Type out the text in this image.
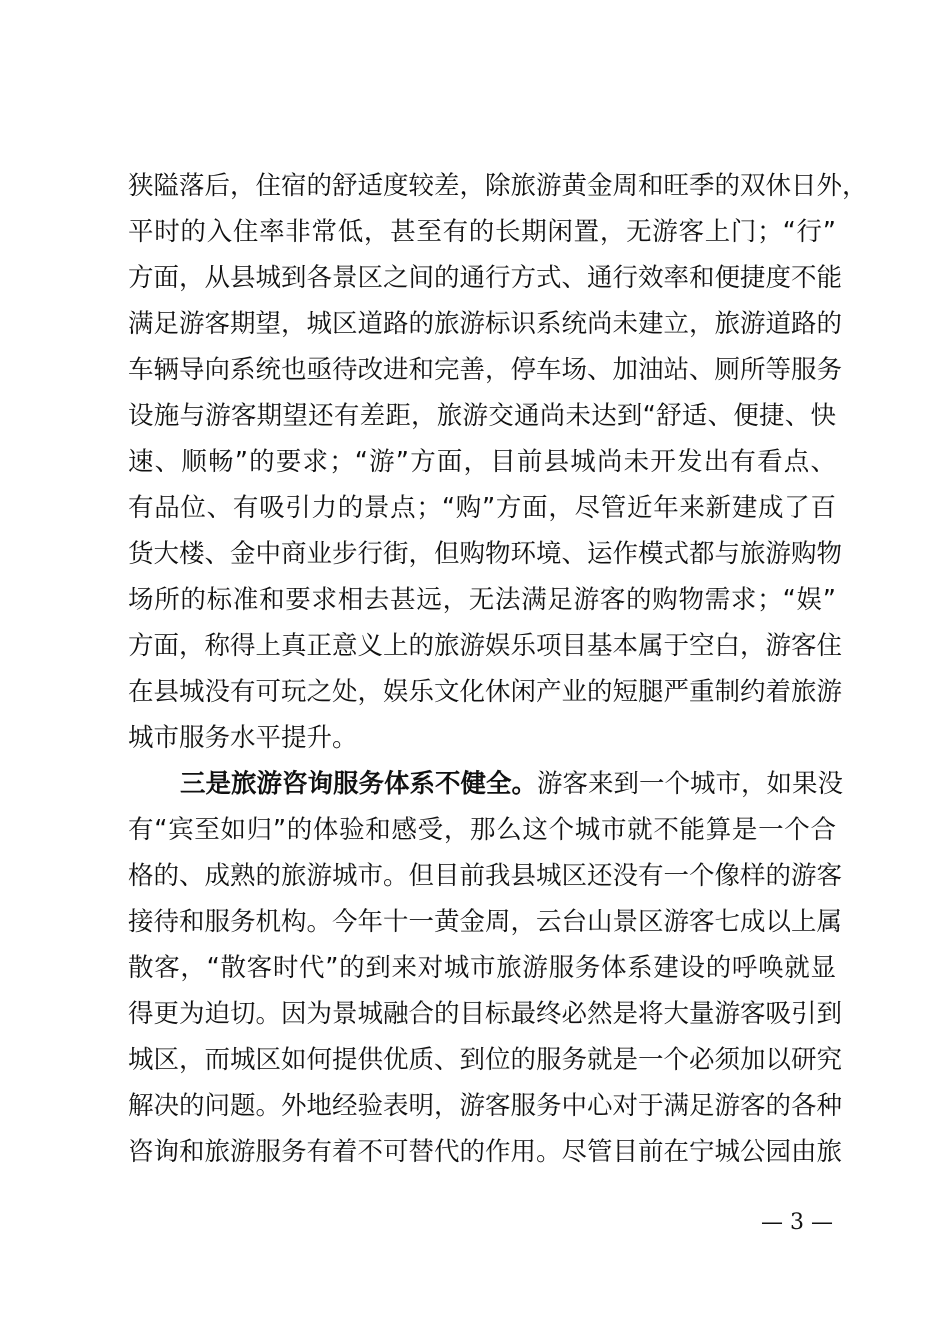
狭隘落后，住宿的舒适度较差，除旅游黄金周和旺季的双休日外，
平时的入住率非常低，甚至有的长期闲置，无游客上门；“行”
方面，从县城到各景区之间的通行方式、通行效率和便捷度不能
满足游客期望，城区道路的旅游标识系统尚未建立，旅游道路的
车辆导向系统也亟待改进和完善，停车场、加油站、厕所等服务
设施与游客期望还有差距，旅游交通尚未达到“舒适、便捷、快
速、顺畅”的要求；“游”方面，目前县城尚未开发出有看点、
有品位、有吸引力的景点；“购”方面，尽管近年来新建成了百
货大楼、金中商业步行街，但购物环境、运作模式都与旅游购物
场所的标准和要求相去甚远，无法满足游客的购物需求；“娱”
方面，称得上真正意义上的旅游娱乐项目基本属于空白，游客住
在县城没有可玩之处，娱乐文化休闲产业的短腿严重制约着旅游
城市服务水平提升。
三是旅游咨询服务体系不健全。游客来到一个城市，如果没
有“宾至如归”的体验和感受，那么这个城市就不能算是一个合
格的、成熟的旅游城市。但目前我县城区还没有一个像样的游客
接待和服务机构。今年十一黄金周，云台山景区游客七成以上属
散客，“散客时代”的到来对城市旅游服务体系建设的呼唤就显
得更为迫切。因为景城融合的目标最终必然是将大量游客吸引到
城区，而城区如何提供优质、到位的服务就是一个必须加以研究
解决的问题。外地经验表明，游客服务中心对于满足游客的各种
咨询和旅游服务有着不可替代的作用。尽管目前在宁城公园由旅
— 3 —
